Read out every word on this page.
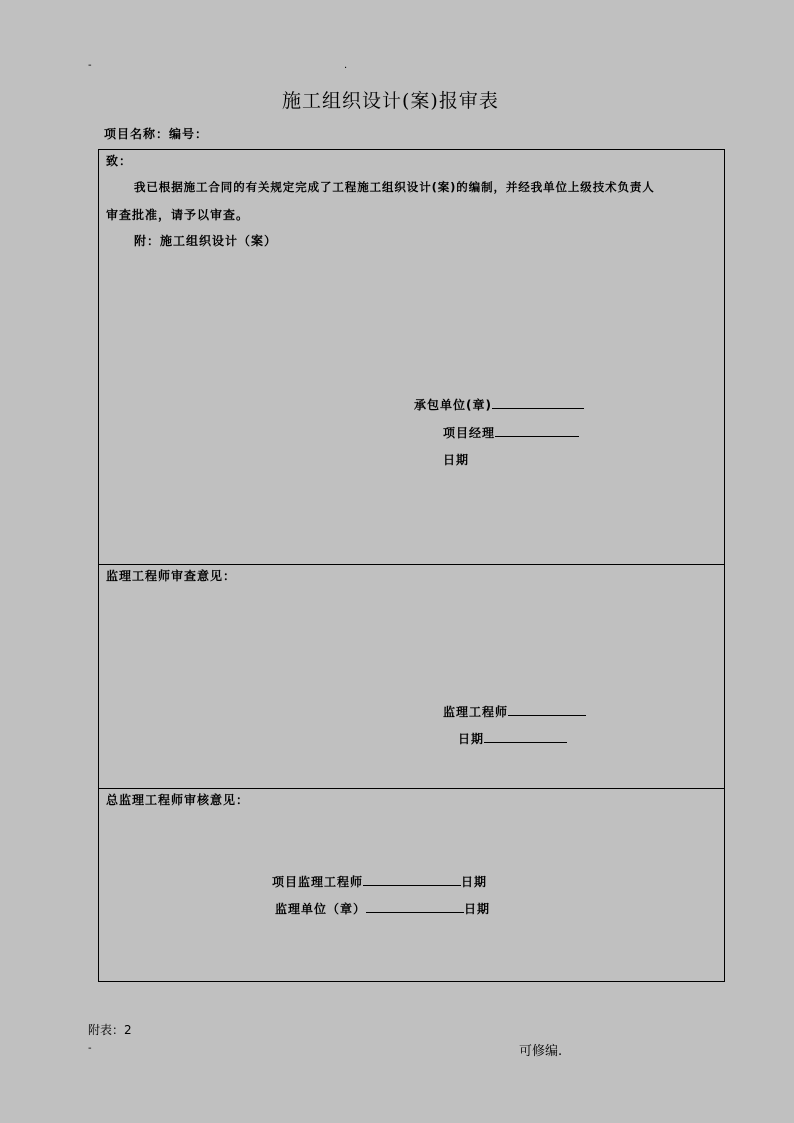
-	.
施工组织设计(案)报审表
项目名称：编号：
致：
我已根据施工合同的有关规定完成了工程施工组织设计(案)的编制，并经我单位上级技术负责人
审查批准，请予以审查。
附：施工组织设计（案）
承包单位(章)
项目经理
日期
监理工程师审查意见：
监理工程师
日期
总监理工程师审核意见：
项目监理工程师	日期
监理单位（章）	日期
附表：2
-	可修编.
